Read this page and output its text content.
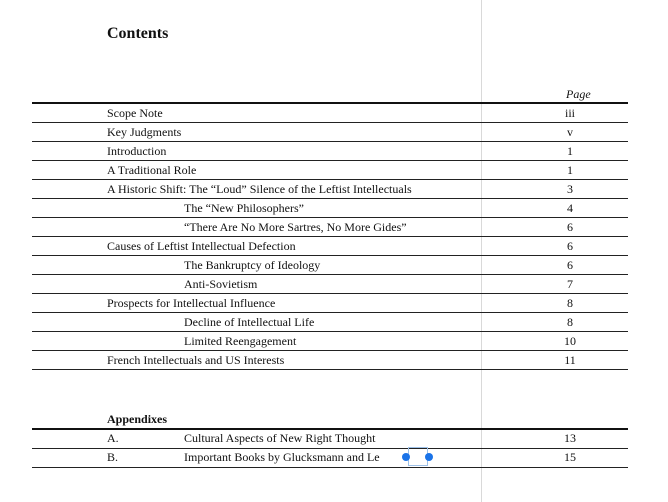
Contents
Page
Scope Note	iii
Key Judgments	v
Introduction	1
A Traditional Role	1
A Historic Shift: The “Loud” Silence of the Leftist Intellectuals	3
The “New Philosophers”	4
“There Are No More Sartres, No More Gides”	6
Causes of Leftist Intellectual Defection	6
The Bankruptcy of Ideology	6
Anti-Sovietism	7
Prospects for Intellectual Influence	8
Decline of Intellectual Life	8
Limited Reengagement	10
French Intellectuals and US Interests	11
Appendixes
A.	Cultural Aspects of New Right Thought	13
B.	Important Books by Glucksmann and Le	15
